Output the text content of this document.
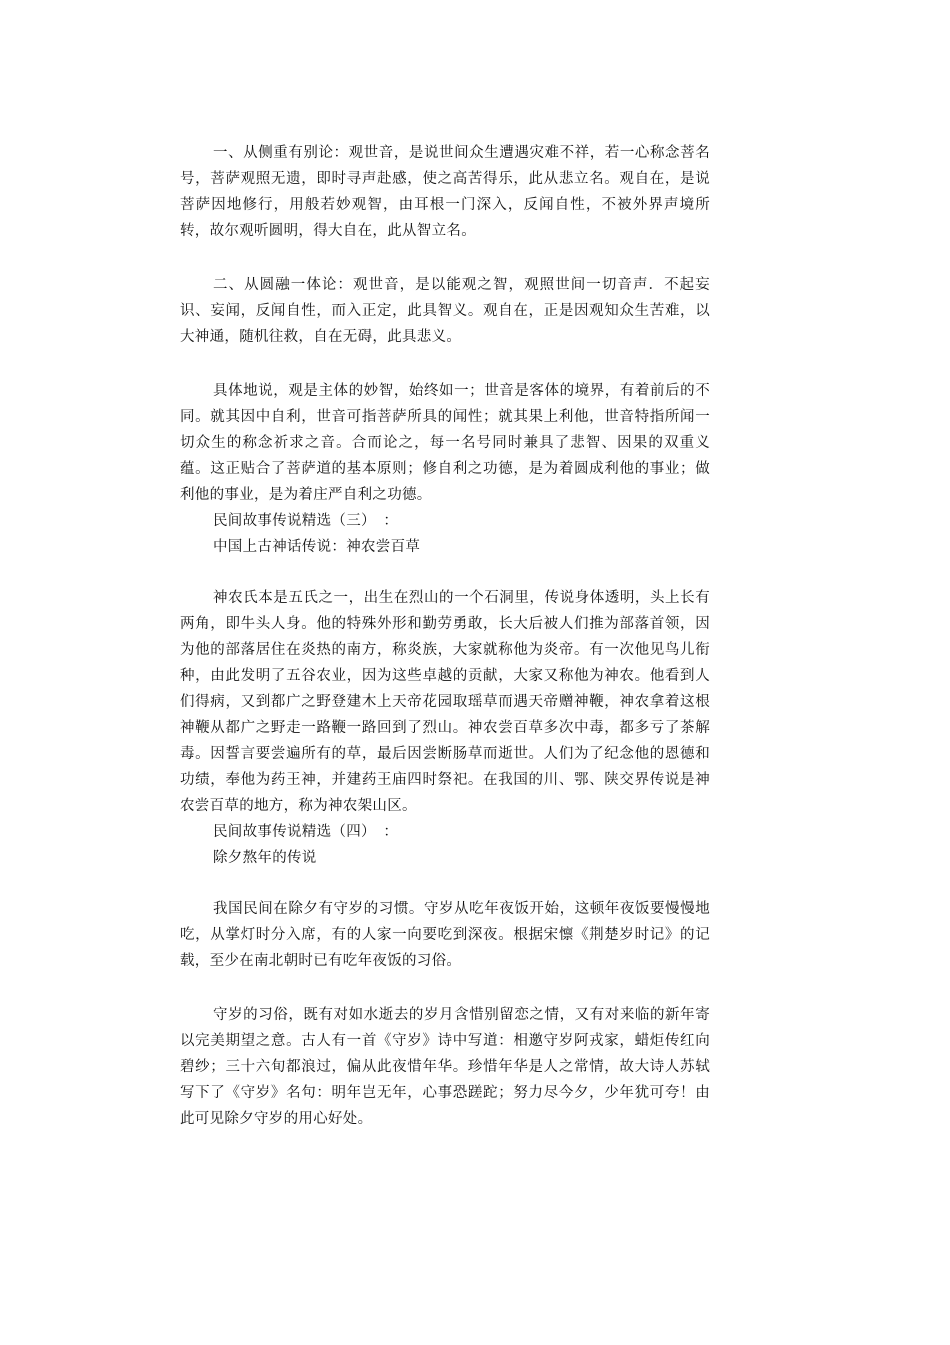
一、从侧重有别论：观世音，是说世间众生遭遇灾难不祥，若一心称念菩名号，菩萨观照无遗，即时寻声赴感，使之高苦得乐，此从悲立名。观自在，是说菩萨因地修行，用般若妙观智，由耳根一门深入，反闻自性，不被外界声境所转，故尔观听圆明，得大自在，此从智立名。

二、从圆融一体论：观世音，是以能观之智，观照世间一切音声．不起妄识、妄闻，反闻自性，而入正定，此具智义。观自在，正是因观知众生苦难，以大神通，随机往救，自在无碍，此具悲义。

具体地说，观是主体的妙智，始终如一；世音是客体的境界，有着前后的不同。就其因中自利，世音可指菩萨所具的闻性；就其果上利他，世音特指所闻一切众生的称念祈求之音。合而论之，每一名号同时兼具了悲智、因果的双重义蕴。这正贴合了菩萨道的基本原则；修自利之功德，是为着圆成利他的事业；做利他的事业，是为着庄严自利之功德。

民间故事传说精选（三）　：

中国上古神话传说：神农尝百草

神农氏本是五氏之一，出生在烈山的一个石洞里，传说身体透明，头上长有两角，即牛头人身。他的特殊外形和勤劳勇敢，长大后被人们推为部落首领，因为他的部落居住在炎热的南方，称炎族，大家就称他为炎帝。有一次他见鸟儿衔种，由此发明了五谷农业，因为这些卓越的贡献，大家又称他为神农。他看到人们得病，又到都广之野登建木上天帝花园取瑶草而遇天帝赠神鞭，神农拿着这根神鞭从都广之野走一路鞭一路回到了烈山。神农尝百草多次中毒，都多亏了茶解毒。因誓言要尝遍所有的草，最后因尝断肠草而逝世。人们为了纪念他的恩德和功绩，奉他为药王神，并建药王庙四时祭祀。在我国的川、鄂、陕交界传说是神农尝百草的地方，称为神农架山区。

民间故事传说精选（四）　：

除夕熬年的传说

我国民间在除夕有守岁的习惯。守岁从吃年夜饭开始，这顿年夜饭要慢慢地吃，从掌灯时分入席，有的人家一向要吃到深夜。根据宋懔《荆楚岁时记》的记载，至少在南北朝时已有吃年夜饭的习俗。

守岁的习俗，既有对如水逝去的岁月含惜别留恋之情，又有对来临的新年寄以完美期望之意。古人有一首《守岁》诗中写道：相邀守岁阿戎家，蜡炬传红向碧纱；三十六旬都浪过，偏从此夜惜年华。珍惜年华是人之常情，故大诗人苏轼写下了《守岁》名句：明年岂无年，心事恐蹉跎；努力尽今夕，少年犹可夸！由此可见除夕守岁的用心好处。
